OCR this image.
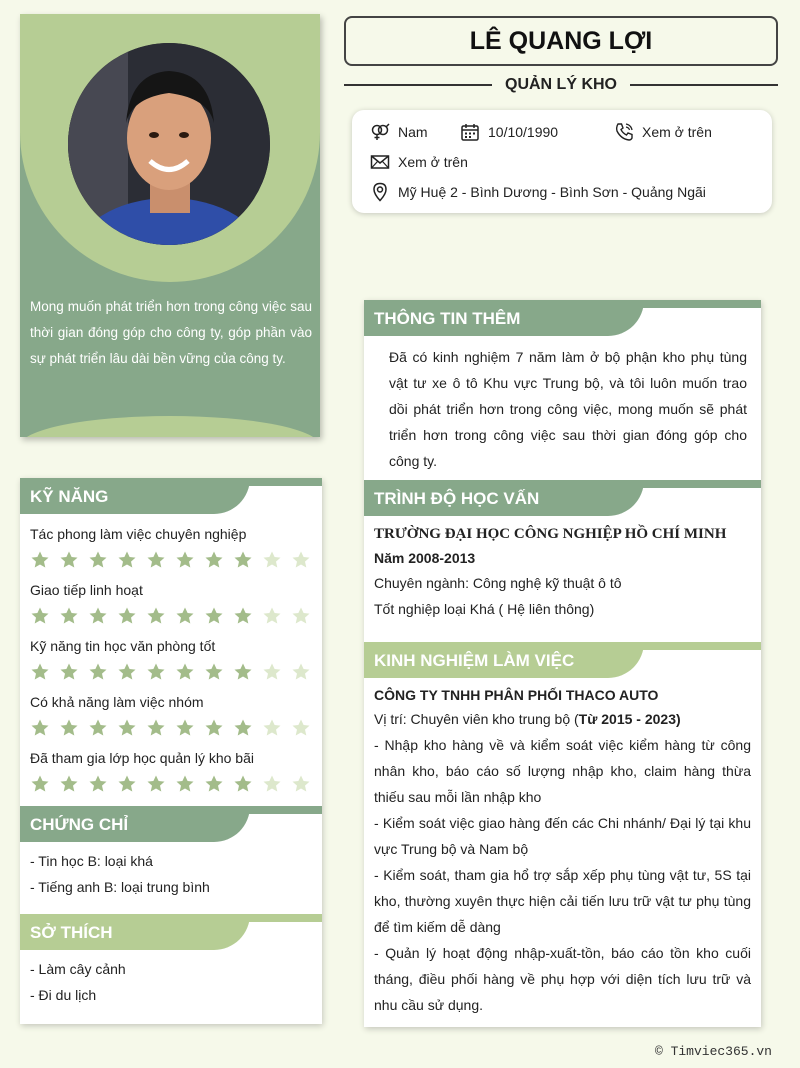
Mong muốn phát triển hơn trong công việc sau thời gian đóng góp cho công ty, góp phần vào sự phát triển lâu dài bền vững của công ty.
LÊ QUANG LỢI
QUẢN LÝ KHO
Nam	10/10/1990	Xem ở trên
Xem ở trên
Mỹ Huệ 2 - Bình Dương - Bình Sơn - Quảng Ngãi
KỸ NĂNG
Tác phong làm việc chuyên nghiệp
Giao tiếp linh hoạt
Kỹ năng tin học văn phòng tốt
Có khả năng làm việc nhóm
Đã tham gia lớp học quản lý kho bãi
CHỨNG CHỈ
- Tin học B: loại khá
- Tiếng anh B: loại trung bình
SỞ THÍCH
- Làm cây cảnh
- Đi du lịch
THÔNG TIN THÊM
Đã có kinh nghiệm 7 năm làm ở bộ phận kho phụ tùng vật tư xe ô tô Khu vực Trung bộ, và tôi luôn muốn trao dồi phát triển hơn trong công việc, mong muốn sẽ phát triển hơn trong công việc sau thời gian đóng góp cho công ty.
TRÌNH ĐỘ HỌC VẤN
TRƯỜNG ĐẠI HỌC CÔNG NGHIỆP HỒ CHÍ MINH
Năm 2008-2013
Chuyên ngành: Công nghệ kỹ thuật ô tô
Tốt nghiệp loại Khá ( Hệ liên thông)
KINH NGHIỆM LÀM VIỆC
CÔNG TY TNHH PHÂN PHỐI THACO AUTO
Vị trí: Chuyên viên kho trung bộ (Từ 2015 - 2023)
- Nhập kho hàng về và kiểm soát việc kiểm hàng từ công nhân kho, báo cáo số lượng nhập kho, claim hàng thừa thiếu sau mỗi lần nhập kho
- Kiểm soát việc giao hàng đến các Chi nhánh/ Đại lý tại khu vực Trung bộ và Nam bộ
- Kiểm soát, tham gia hổ trợ sắp xếp phụ tùng vật tư, 5S tại kho, thường xuyên thực hiện cải tiến lưu trữ vật tư phụ tùng để tìm kiếm dễ dàng
- Quản lý hoạt động nhập-xuất-tồn, báo cáo tồn kho cuối tháng, điều phối hàng về phụ hợp với diện tích lưu trữ và nhu cầu sử dụng.
© Timviec365.vn
